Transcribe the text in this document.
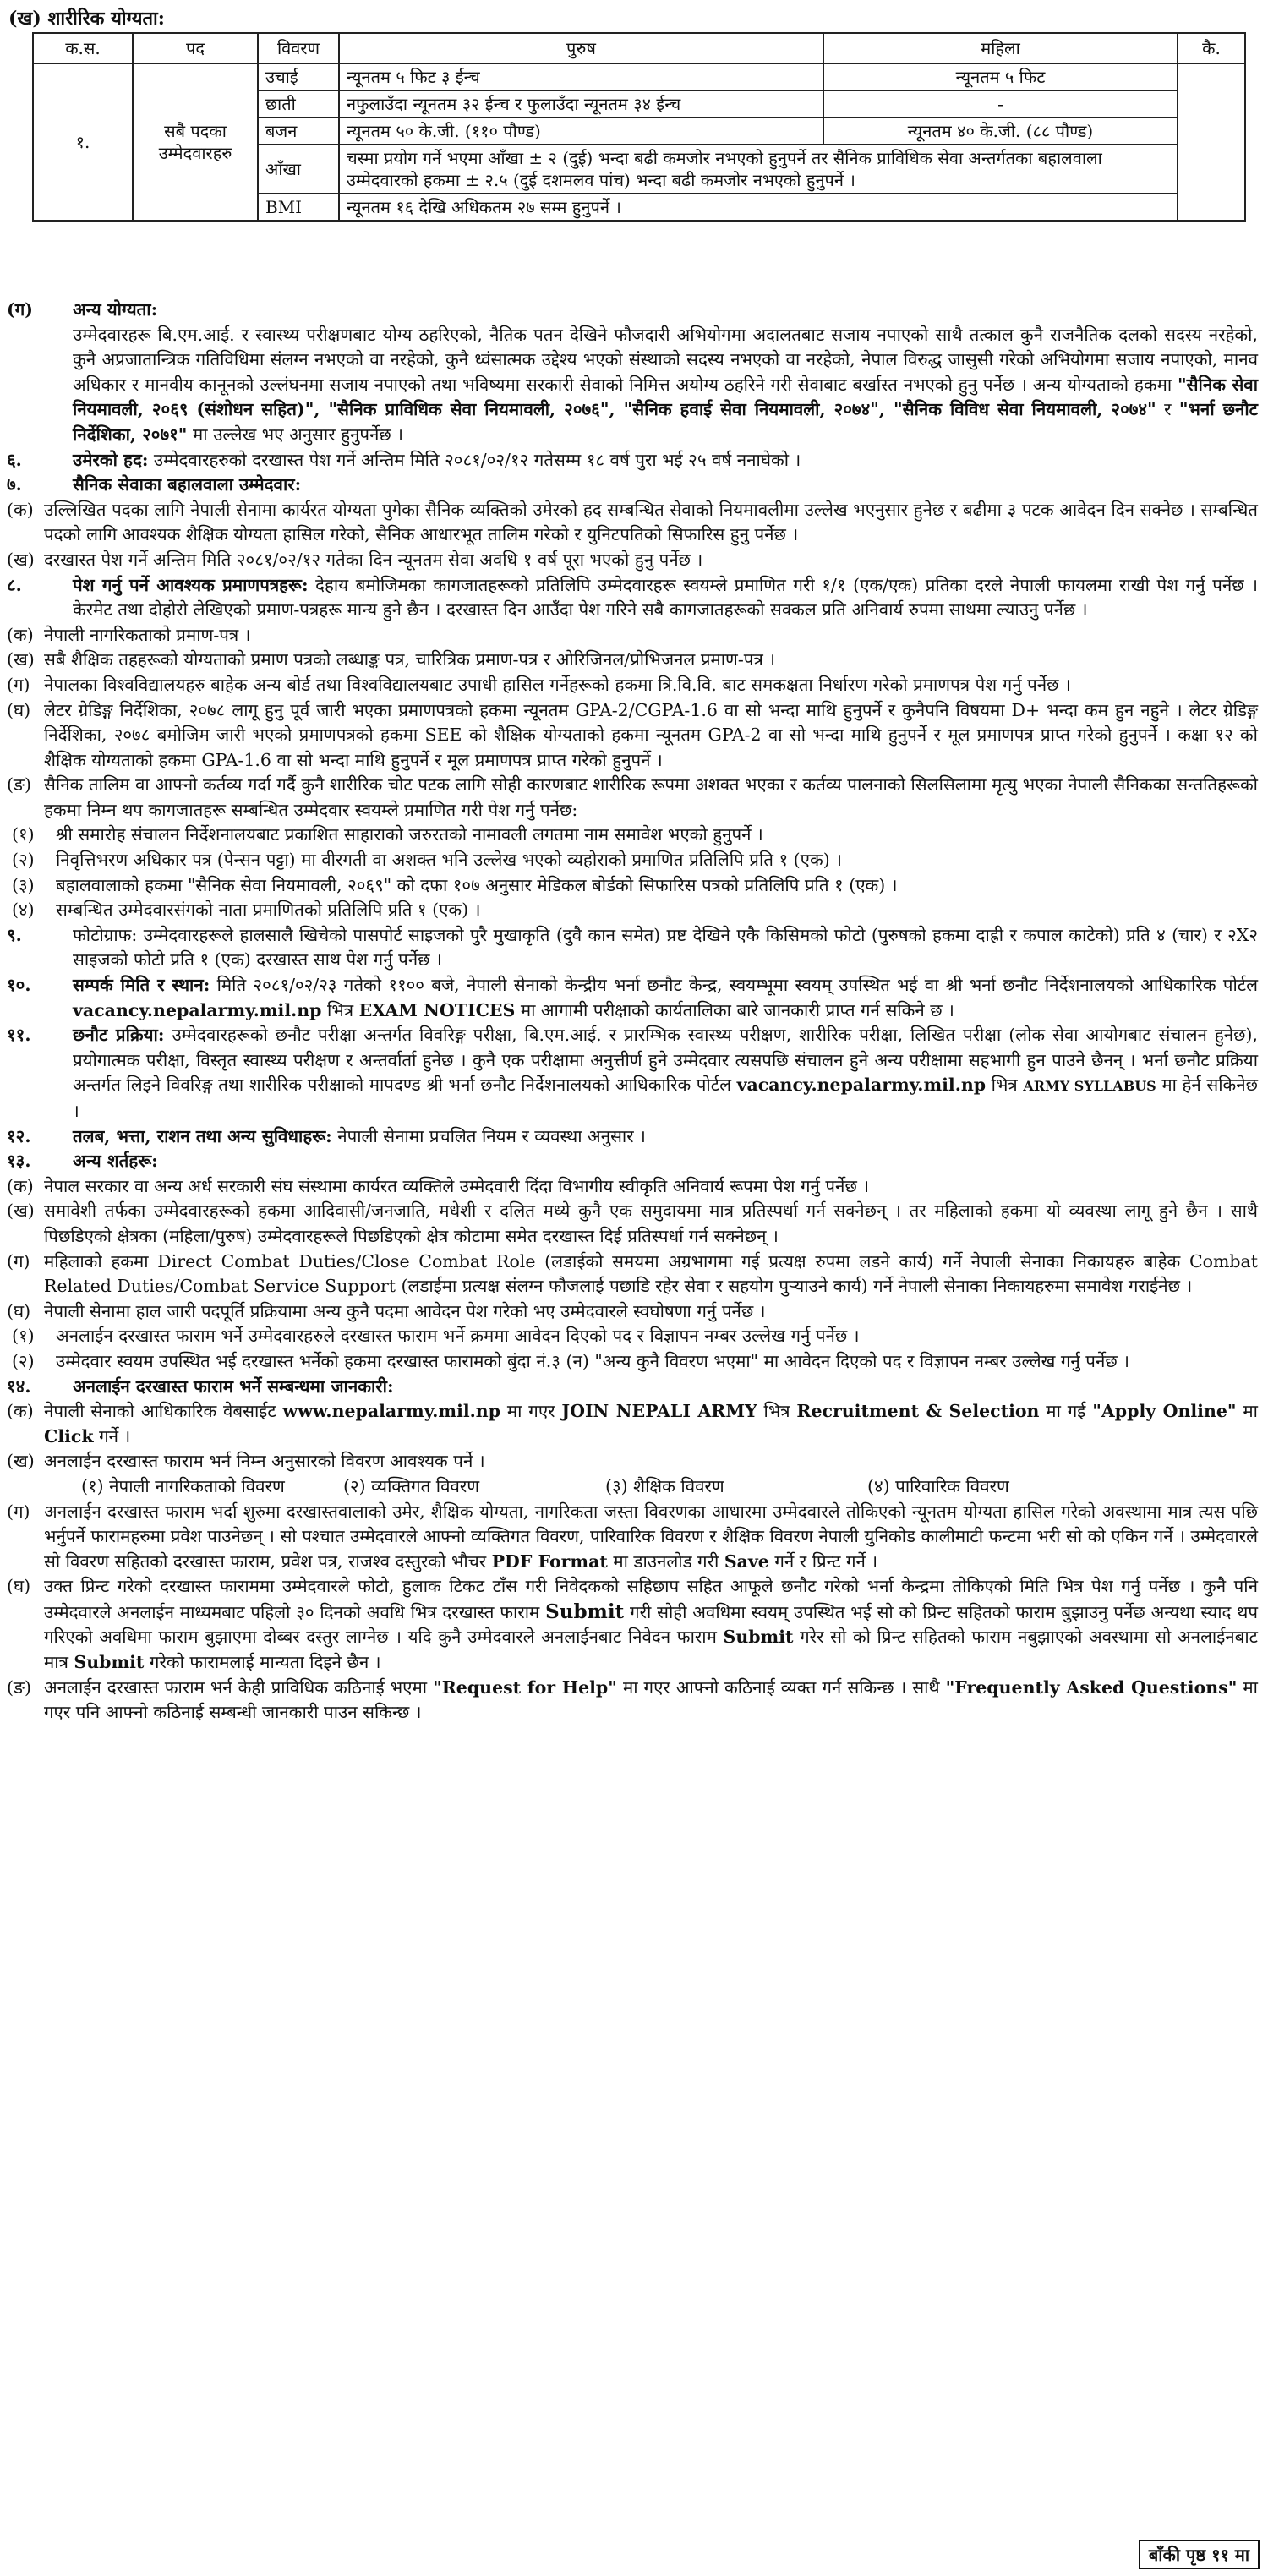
(ख) शारीरिक योग्यता:
क.स.	पद	विवरण	पुरुष	महिला	कै.
१.	सबै पदका उम्मेदवारहरु	उचाई	न्यूनतम ५ फिट ३ ईन्च	न्यूनतम ५ फिट	
		छाती	नफुलाउँदा न्यूनतम ३२ ईन्च र फुलाउँदा न्यूनतम ३४ ईन्च	-	
		बजन	न्यूनतम ५० के.जी. (११० पौण्ड)	न्यूनतम ४० के.जी. (८८ पौण्ड)	
		आँखा	चस्मा प्रयोग गर्ने भएमा आँखा ± २ (दुई) भन्दा बढी कमजोर नभएको हुनुपर्ने तर सैनिक प्राविधिक सेवा अन्तर्गतका बहालवाला उम्मेदवारको हकमा ± २.५ (दुई दशमलव पांच) भन्दा बढी कमजोर नभएको हुनुपर्ने ।		
		BMI	न्यूनतम १६ देखि अधिकतम २७ सम्म हुनुपर्ने ।		
(ग)	अन्य योग्यता:
उम्मेदवारहरू बि.एम.आई. र स्वास्थ्य परीक्षणबाट योग्य ठहरिएको, नैतिक पतन देखिने फौजदारी अभियोगमा अदालतबाट सजाय नपाएको साथै तत्काल कुनै राजनैतिक दलको सदस्य नरहेको, कुनै अप्रजातान्त्रिक गतिविधिमा संलग्न नभएको वा नरहेको, कुनै ध्वंसात्मक उद्देश्य भएको संस्थाको सदस्य नभएको वा नरहेको, नेपाल विरुद्ध जासुसी गरेको अभियोगमा सजाय नपाएको, मानव अधिकार र मानवीय कानूनको उल्लंघनमा सजाय नपाएको तथा भविष्यमा सरकारी सेवाको निमित्त अयोग्य ठहरिने गरी सेवाबाट बर्खास्त नभएको हुनु पर्नेछ । अन्य योग्यताको हकमा "सैनिक सेवा नियमावली, २०६९ (संशोधन सहित)", "सैनिक प्राविधिक सेवा नियमावली, २०७६", "सैनिक हवाई सेवा नियमावली, २०७४", "सैनिक विविध सेवा नियमावली, २०७४" र "भर्ना छनौट निर्देशिका, २०७१" मा उल्लेख भए अनुसार हुनुपर्नेछ ।
६.	उमेरको हद: उम्मेदवारहरुको दरखास्त पेश गर्ने अन्तिम मिति २०८१/०२/१२ गतेसम्म १८ वर्ष पुरा भई २५ वर्ष ननाघेको ।
७.	सैनिक सेवाका बहालवाला उम्मेदवार:
(क) उल्लिखित पदका लागि नेपाली सेनामा कार्यरत योग्यता पुगेका सैनिक व्यक्तिको उमेरको हद सम्बन्धित सेवाको नियमावलीमा उल्लेख भएनुसार हुनेछ र बढीमा ३ पटक आवेदन दिन सक्नेछ । सम्बन्धित पदको लागि आवश्यक शैक्षिक योग्यता हासिल गरेको, सैनिक आधारभूत तालिम गरेको र युनिटपतिको सिफारिस हुनु पर्नेछ ।
(ख) दरखास्त पेश गर्ने अन्तिम मिति २०८१/०२/१२ गतेका दिन न्यूनतम सेवा अवधि १ वर्ष पूरा भएको हुनु पर्नेछ ।
८.	पेश गर्नु पर्ने आवश्यक प्रमाणपत्रहरू: देहाय बमोजिमका कागजातहरूको प्रतिलिपि उम्मेदवारहरू स्वयम्ले प्रमाणित गरी १/१ (एक/एक) प्रतिका दरले नेपाली फायलमा राखी पेश गर्नु पर्नेछ । केरमेट तथा दोहोरो लेखिएको प्रमाण-पत्रहरू मान्य हुने छैन । दरखास्त दिन आउँदा पेश गरिने सबै कागजातहरूको सक्कल प्रति अनिवार्य रुपमा साथमा ल्याउनु पर्नेछ ।
(क) नेपाली नागरिकताको प्रमाण-पत्र ।
(ख) सबै शैक्षिक तहहरूको योग्यताको प्रमाण पत्रको लब्धाङ्क पत्र, चारित्रिक प्रमाण-पत्र र ओरिजिनल/प्रोभिजनल प्रमाण-पत्र ।
(ग) नेपालका विश्वविद्यालयहरु बाहेक अन्य बोर्ड तथा विश्वविद्यालयबाट उपाधी हासिल गर्नेहरूको हकमा त्रि.वि.वि. बाट समकक्षता निर्धारण गरेको प्रमाणपत्र पेश गर्नु पर्नेछ ।
(घ) लेटर ग्रेडिङ्ग निर्देशिका, २०७८ लागू हुनु पूर्व जारी भएका प्रमाणपत्रको हकमा न्यूनतम GPA-2/CGPA-1.6 वा सो भन्दा माथि हुनुपर्ने र कुनैपनि विषयमा D+ भन्दा कम हुन नहुने । लेटर ग्रेडिङ्ग निर्देशिका, २०७८ बमोजिम जारी भएको प्रमाणपत्रको हकमा SEE को शैक्षिक योग्यताको हकमा न्यूनतम GPA-2 वा सो भन्दा माथि हुनुपर्ने र मूल प्रमाणपत्र प्राप्त गरेको हुनुपर्ने । कक्षा १२ को शैक्षिक योग्यताको हकमा GPA-1.6 वा सो भन्दा माथि हुनुपर्ने र मूल प्रमाणपत्र प्राप्त गरेको हुनुपर्ने ।
(ङ) सैनिक तालिम वा आफ्नो कर्तव्य गर्दा गर्दै कुनै शारीरिक चोट पटक लागि सोही कारणबाट शारीरिक रूपमा अशक्त भएका र कर्तव्य पालनाको सिलसिलामा मृत्यु भएका नेपाली सैनिकका सन्ततिहरूको हकमा निम्न थप कागजातहरू सम्बन्धित उम्मेदवार स्वयम्ले प्रमाणित गरी पेश गर्नु पर्नेछ:
(१)	श्री समारोह संचालन निर्देशनालयबाट प्रकाशित साहाराको जरुरतको नामावली लगतमा नाम समावेश भएको हुनुपर्ने ।
(२)	निवृत्तिभरण अधिकार पत्र (पेन्सन पट्टा) मा वीरगती वा अशक्त भनि उल्लेख भएको व्यहोराको प्रमाणित प्रतिलिपि प्रति १ (एक) ।
(३)	बहालवालाको हकमा "सैनिक सेवा नियमावली, २०६९" को दफा १०७ अनुसार मेडिकल बोर्डको सिफारिस पत्रको प्रतिलिपि प्रति १ (एक) ।
(४)	सम्बन्धित उम्मेदवारसंगको नाता प्रमाणितको प्रतिलिपि प्रति १ (एक) ।
९.	फोटोग्राफ: उम्मेदवारहरूले हालसालै खिचेको पासपोर्ट साइजको पुरै मुखाकृति (दुवै कान समेत) प्रष्ट देखिने एकै किसिमको फोटो (पुरुषको हकमा दाह्री र कपाल काटेको) प्रति ४ (चार) र २X२ साइजको फोटो प्रति १ (एक) दरखास्त साथ पेश गर्नु पर्नेछ ।
१०.	सम्पर्क मिति र स्थान: मिति २०८१/०२/२३ गतेको ११०० बजे, नेपाली सेनाको केन्द्रीय भर्ना छनौट केन्द्र, स्वयम्भूमा स्वयम् उपस्थित भई वा श्री भर्ना छनौट निर्देशनालयको आधिकारिक पोर्टल vacancy.nepalarmy.mil.np भित्र EXAM NOTICES मा आगामी परीक्षाको कार्यतालिका बारे जानकारी प्राप्त गर्न सकिने छ ।
११.	छनौट प्रक्रिया: उम्मेदवारहरूको छनौट परीक्षा अन्तर्गत विवरिङ्ग परीक्षा, बि.एम.आई. र प्रारम्भिक स्वास्थ्य परीक्षण, शारीरिक परीक्षा, लिखित परीक्षा (लोक सेवा आयोगबाट संचालन हुनेछ), प्रयोगात्मक परीक्षा, विस्तृत स्वास्थ्य परीक्षण र अन्तर्वार्ता हुनेछ । कुनै एक परीक्षामा अनुत्तीर्ण हुने उम्मेदवार त्यसपछि संचालन हुने अन्य परीक्षामा सहभागी हुन पाउने छैनन् । भर्ना छनौट प्रक्रिया अन्तर्गत लिइने विवरिङ्ग तथा शारीरिक परीक्षाको मापदण्ड श्री भर्ना छनौट निर्देशनालयको आधिकारिक पोर्टल vacancy.nepalarmy.mil.np भित्र ARMY SYLLABUS मा हेर्न सकिनेछ ।
१२.	तलब, भत्ता, राशन तथा अन्य सुविधाहरू: नेपाली सेनामा प्रचलित नियम र व्यवस्था अनुसार ।
१३.	अन्य शर्तहरू:
(क) नेपाल सरकार वा अन्य अर्ध सरकारी संघ संस्थामा कार्यरत व्यक्तिले उम्मेदवारी दिंदा विभागीय स्वीकृति अनिवार्य रूपमा पेश गर्नु पर्नेछ ।
(ख) समावेशी तर्फका उम्मेदवारहरूको हकमा आदिवासी/जनजाति, मधेशी र दलित मध्ये कुनै एक समुदायमा मात्र प्रतिस्पर्धा गर्न सक्नेछन् । तर महिलाको हकमा यो व्यवस्था लागू हुने छैन । साथै पिछडिएको क्षेत्रका (महिला/पुरुष) उम्मेदवारहरूले पिछडिएको क्षेत्र कोटामा समेत दरखास्त दिई प्रतिस्पर्धा गर्न सक्नेछन् ।
(ग) महिलाको हकमा Direct Combat Duties/Close Combat Role (लडाईको समयमा अग्रभागमा गई प्रत्यक्ष रुपमा लडने कार्य) गर्ने नेपाली सेनाका निकायहरु बाहेक Combat Related Duties/Combat Service Support (लडाईमा प्रत्यक्ष संलग्न फौजलाई पछाडि रहेर सेवा र सहयोग पुऱ्याउने कार्य) गर्ने नेपाली सेनाका निकायहरुमा समावेश गराईनेछ ।
(घ) नेपाली सेनामा हाल जारी पदपूर्ति प्रक्रियामा अन्य कुनै पदमा आवेदन पेश गरेको भए उम्मेदवारले स्वघोषणा गर्नु पर्नेछ ।
(१)	अनलाईन दरखास्त फाराम भर्ने उम्मेदवारहरुले दरखास्त फाराम भर्ने क्रममा आवेदन दिएको पद र विज्ञापन नम्बर उल्लेख गर्नु पर्नेछ ।
(२)	उम्मेदवार स्वयम उपस्थित भई दरखास्त भर्नेको हकमा दरखास्त फारामको बुंदा नं.३ (न) "अन्य कुनै विवरण भएमा" मा आवेदन दिएको पद र विज्ञापन नम्बर उल्लेख गर्नु पर्नेछ ।
१४.	अनलाईन दरखास्त फाराम भर्ने सम्बन्धमा जानकारी:
(क) नेपाली सेनाको आधिकारिक वेबसाईट www.nepalarmy.mil.np मा गएर JOIN NEPALI ARMY भित्र Recruitment & Selection मा गई "Apply Online" मा Click गर्ने ।
(ख) अनलाईन दरखास्त फाराम भर्न निम्न अनुसारको विवरण आवश्यक पर्ने ।
(१) नेपाली नागरिकताको विवरण	(२) व्यक्तिगत विवरण	(३) शैक्षिक विवरण	(४) पारिवारिक विवरण
(ग) अनलाईन दरखास्त फाराम भर्दा शुरुमा दरखास्तवालाको उमेर, शैक्षिक योग्यता, नागरिकता जस्ता विवरणका आधारमा उम्मेदवारले तोकिएको न्यूनतम योग्यता हासिल गरेको अवस्थामा मात्र त्यस पछि भर्नुपर्ने फारामहरुमा प्रवेश पाउनेछन् । सो पश्चात उम्मेदवारले आफ्नो व्यक्तिगत विवरण, पारिवारिक विवरण र शैक्षिक विवरण नेपाली युनिकोड कालीमाटी फन्टमा भरी सो को एकिन गर्ने । उम्मेदवारले सो विवरण सहितको दरखास्त फाराम, प्रवेश पत्र, राजश्व दस्तुरको भौचर PDF Format मा डाउनलोड गरी Save गर्ने र प्रिन्ट गर्ने ।
(घ) उक्त प्रिन्ट गरेको दरखास्त फाराममा उम्मेदवारले फोटो, हुलाक टिकट टाँस गरी निवेदकको सहिछाप सहित आफूले छनौट गरेको भर्ना केन्द्रमा तोकिएको मिति भित्र पेश गर्नु पर्नेछ । कुनै पनि उम्मेदवारले अनलाईन माध्यमबाट पहिलो ३० दिनको अवधि भित्र दरखास्त फाराम Submit गरी सोही अवधिमा स्वयम् उपस्थित भई सो को प्रिन्ट सहितको फाराम बुझाउनु पर्नेछ अन्यथा स्याद थप गरिएको अवधिमा फाराम बुझाएमा दोब्बर दस्तुर लाग्नेछ । यदि कुनै उम्मेदवारले अनलाईनबाट निवेदन फाराम Submit गरेर सो को प्रिन्ट सहितको फाराम नबुझाएको अवस्थामा सो अनलाईनबाट मात्र Submit गरेको फारामलाई मान्यता दिइने छैन ।
(ङ) अनलाईन दरखास्त फाराम भर्न केही प्राविधिक कठिनाई भएमा "Request for Help" मा गएर आफ्नो कठिनाई व्यक्त गर्न सकिन्छ । साथै "Frequently Asked Questions" मा गएर पनि आफ्नो कठिनाई सम्बन्धी जानकारी पाउन सकिन्छ ।
बाँकी पृष्ठ ११ मा
